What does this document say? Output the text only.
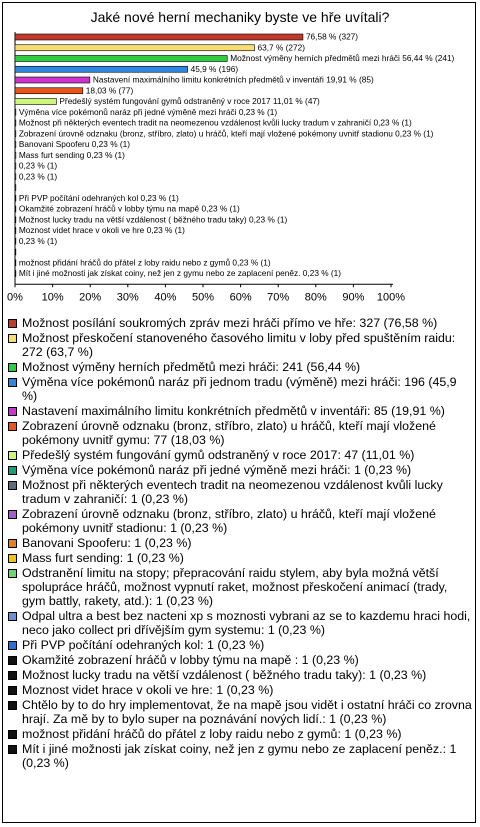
Jaké nové herní mechaniky byste ve hře uvítali?
0% 10% 20% 30% 40% 50% 60% 70% 80% 90% 100%
76,58 % (327)
63,7 % (272)
Možnost výměny herních předmětů mezi hráči 56,44 % (241)
45,9 % (196)
Nastavení maximálního limitu konkrétních předmětů v inventáři 19,91 % (85)
18,03 % (77)
Předešlý systém fungování gymů odstraněný v roce 2017 11,01 % (47)
Výměna více pokémonů naráz při jedné výměně mezi hráči 0,23 % (1)
Možnost při některých eventech tradit na neomezenou vzdálenost kvůli lucky tradum v zahraničí 0,23 % (1)
Zobrazení úrovně odznaku (bronz, stříbro, zlato) u hráčů, kteří mají vložené pokémony uvnitř stadionu 0,23 % (1)
Banovani Spooferu 0,23 % (1)
Mass furt sending 0,23 % (1)
0,23 % (1)
0,23 % (1)
Při PVP počítání odehraných kol 0,23 % (1)
Okamžité zobrazení hráčů v lobby týmu na mapě 0,23 % (1)
Možnost lucky tradu na větší vzdálenost ( běžného tradu taky) 0,23 % (1)
Moznost videt hrace v okoli ve hre 0,23 % (1)
0,23 % (1)
možnost přidání hráčů do přátel z loby raidu nebo z gymů 0,23 % (1)
Mít i jiné možnosti jak získat coiny, než jen z gymu nebo ze zaplacení peněz. 0,23 % (1)
Možnost posílání soukromých zpráv mezi hráči přímo ve hře: 327 (76,58 %)
Možnost přeskočení stanoveného časového limitu v loby před spuštěním raidu: 272 (63,7 %)
Možnost výměny herních předmětů mezi hráči: 241 (56,44 %)
Výměna více pokémonů naráz při jednom tradu (výměně) mezi hráči: 196 (45,9 %)
Nastavení maximálního limitu konkrétních předmětů v inventáři: 85 (19,91 %)
Zobrazení úrovně odznaku (bronz, stříbro, zlato) u hráčů, kteří mají vložené pokémony uvnitř gymu: 77 (18,03 %)
Předešlý systém fungování gymů odstraněný v roce 2017: 47 (11,01 %)
Výměna více pokémonů naráz při jedné výměně mezi hráči: 1 (0,23 %)
Možnost při některých eventech tradit na neomezenou vzdálenost kvůli lucky tradum v zahraničí: 1 (0,23 %)
Zobrazení úrovně odznaku (bronz, stříbro, zlato) u hráčů, kteří mají vložené pokémony uvnitř stadionu: 1 (0,23 %)
Banovani Spooferu: 1 (0,23 %)
Mass furt sending: 1 (0,23 %)
Odstranění limitu na stopy; přepracování raidu stylem, aby byla možná větší spolupráce hráčů, možnost vypnutí raket, možnost přeskočení animací (trady, gym battly, rakety, atd.): 1 (0,23 %)
Odpal ultra a best bez nacteni xp s moznosti vybrani az se to kazdemu hraci hodi, neco jako collect pri dřívějším gym systemu: 1 (0,23 %)
Při PVP počítání odehraných kol: 1 (0,23 %)
Okamžité zobrazení hráčů v lobby týmu na mapě : 1 (0,23 %)
Možnost lucky tradu na větší vzdálenost ( běžného tradu taky): 1 (0,23 %)
Moznost videt hrace v okoli ve hre: 1 (0,23 %)
Chtělo by to do hry implementovat, že na mapě jsou vidět i ostatní hráči co zrovna hrají. Za mě by to bylo super na poznávání nových lidí.: 1 (0,23 %)
možnost přidání hráčů do přátel z loby raidu nebo z gymů: 1 (0,23 %)
Mít i jiné možnosti jak získat coiny, než jen z gymu nebo ze zaplacení peněz.: 1 (0,23 %)
